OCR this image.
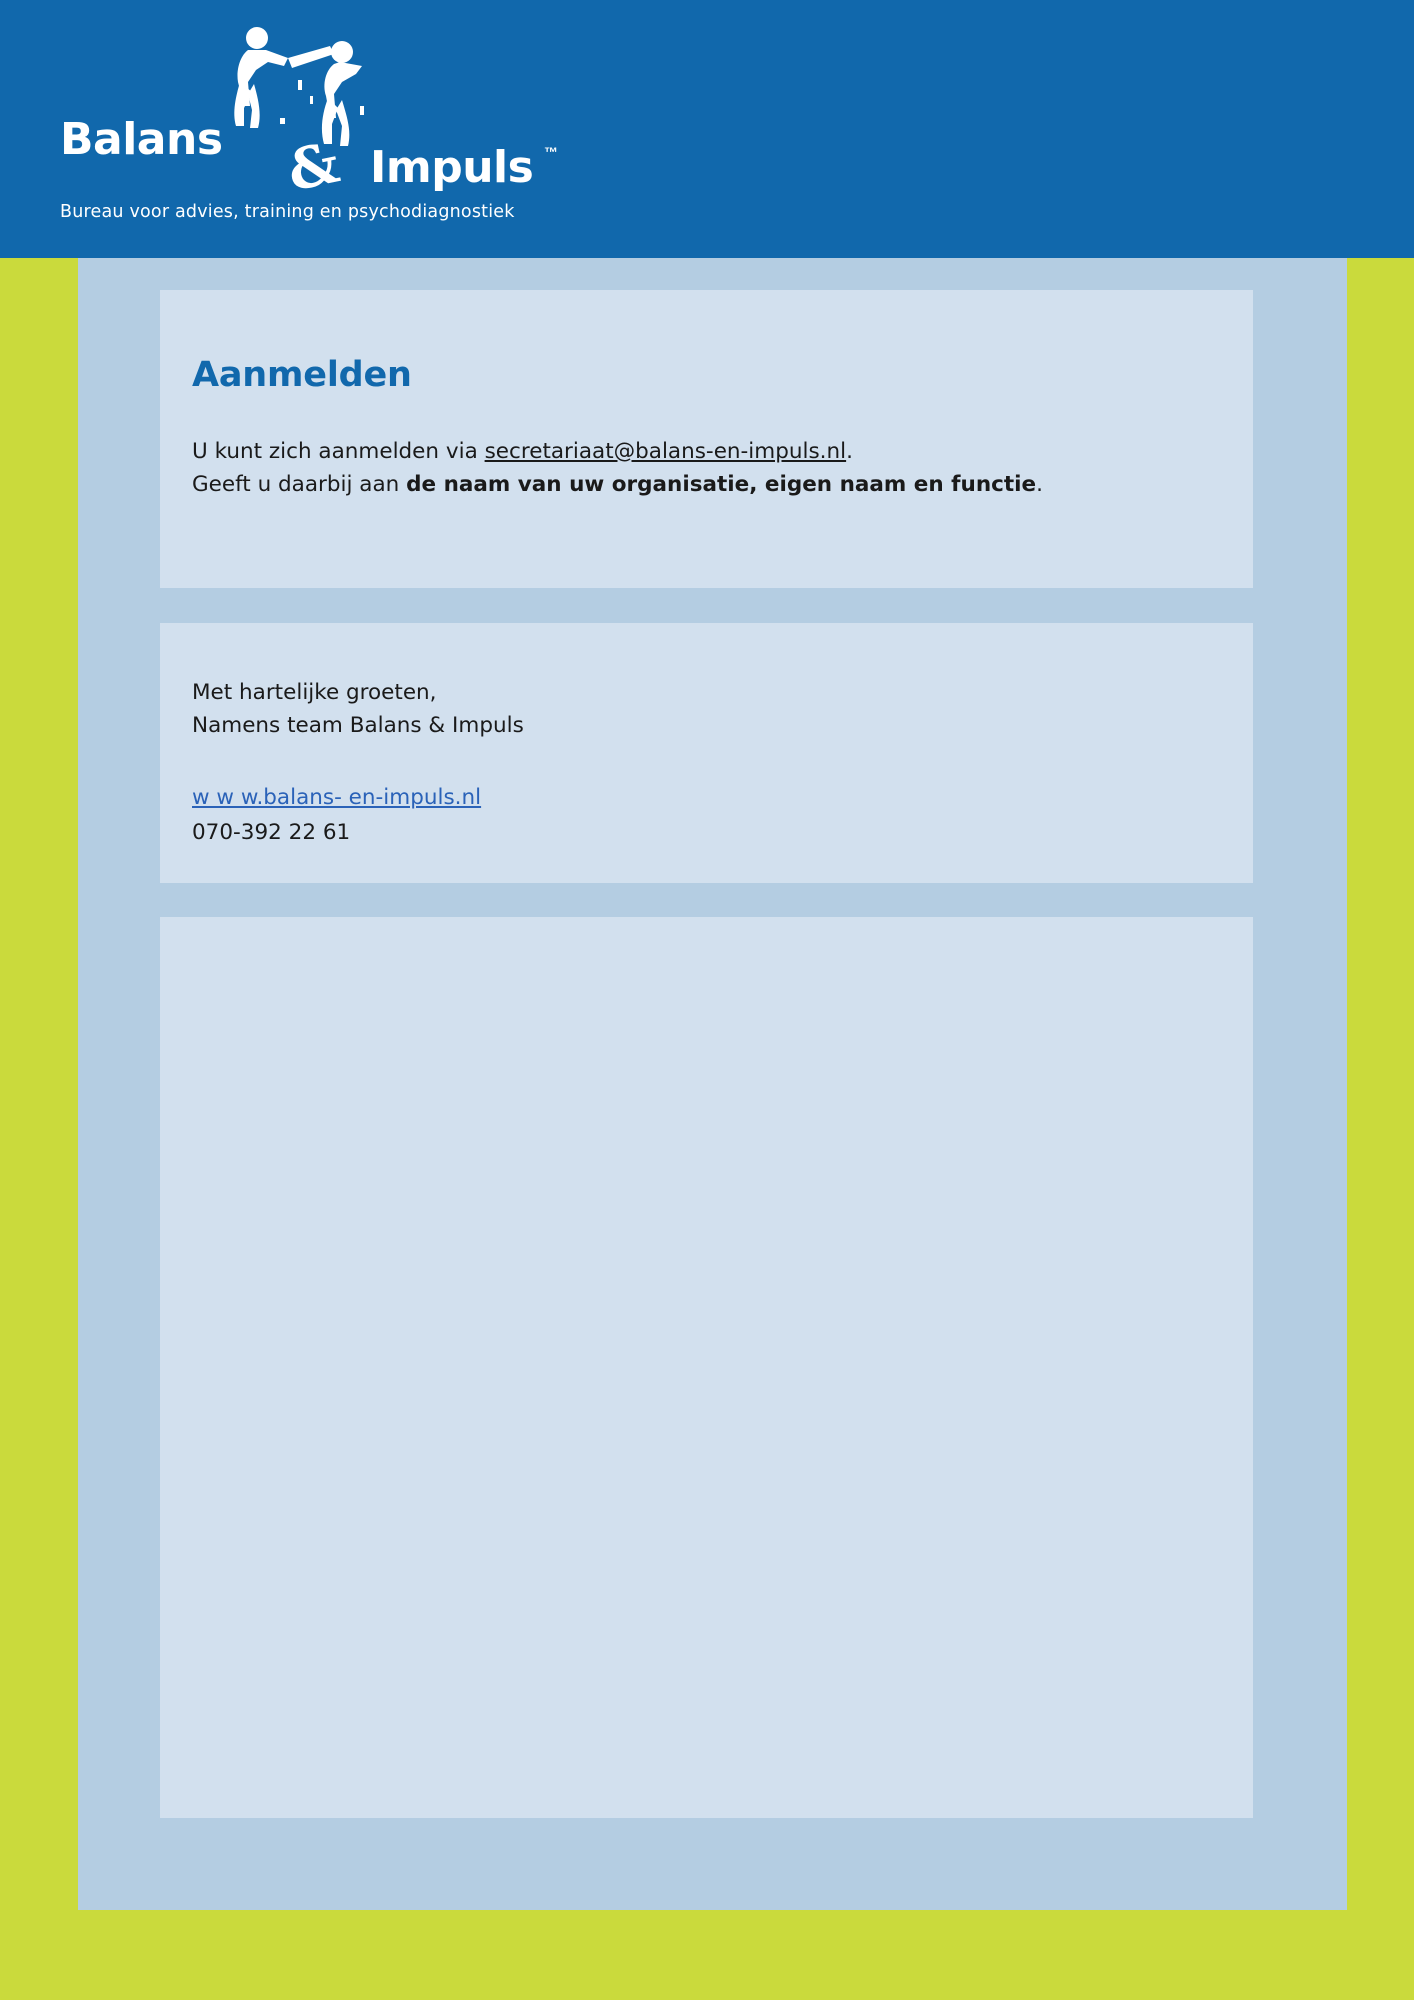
Balans & Impuls ™
Bureau voor advies, training en psychodiagnostiek
Aanmelden
U kunt zich aanmelden via secretariaat@balans-en-impuls.nl.
Geeft u daarbij aan de naam van uw organisatie, eigen naam en functie.
Met hartelijke groeten,
Namens team Balans & Impuls
w w w.balans- en-impuls.nl
070-392 22 61
